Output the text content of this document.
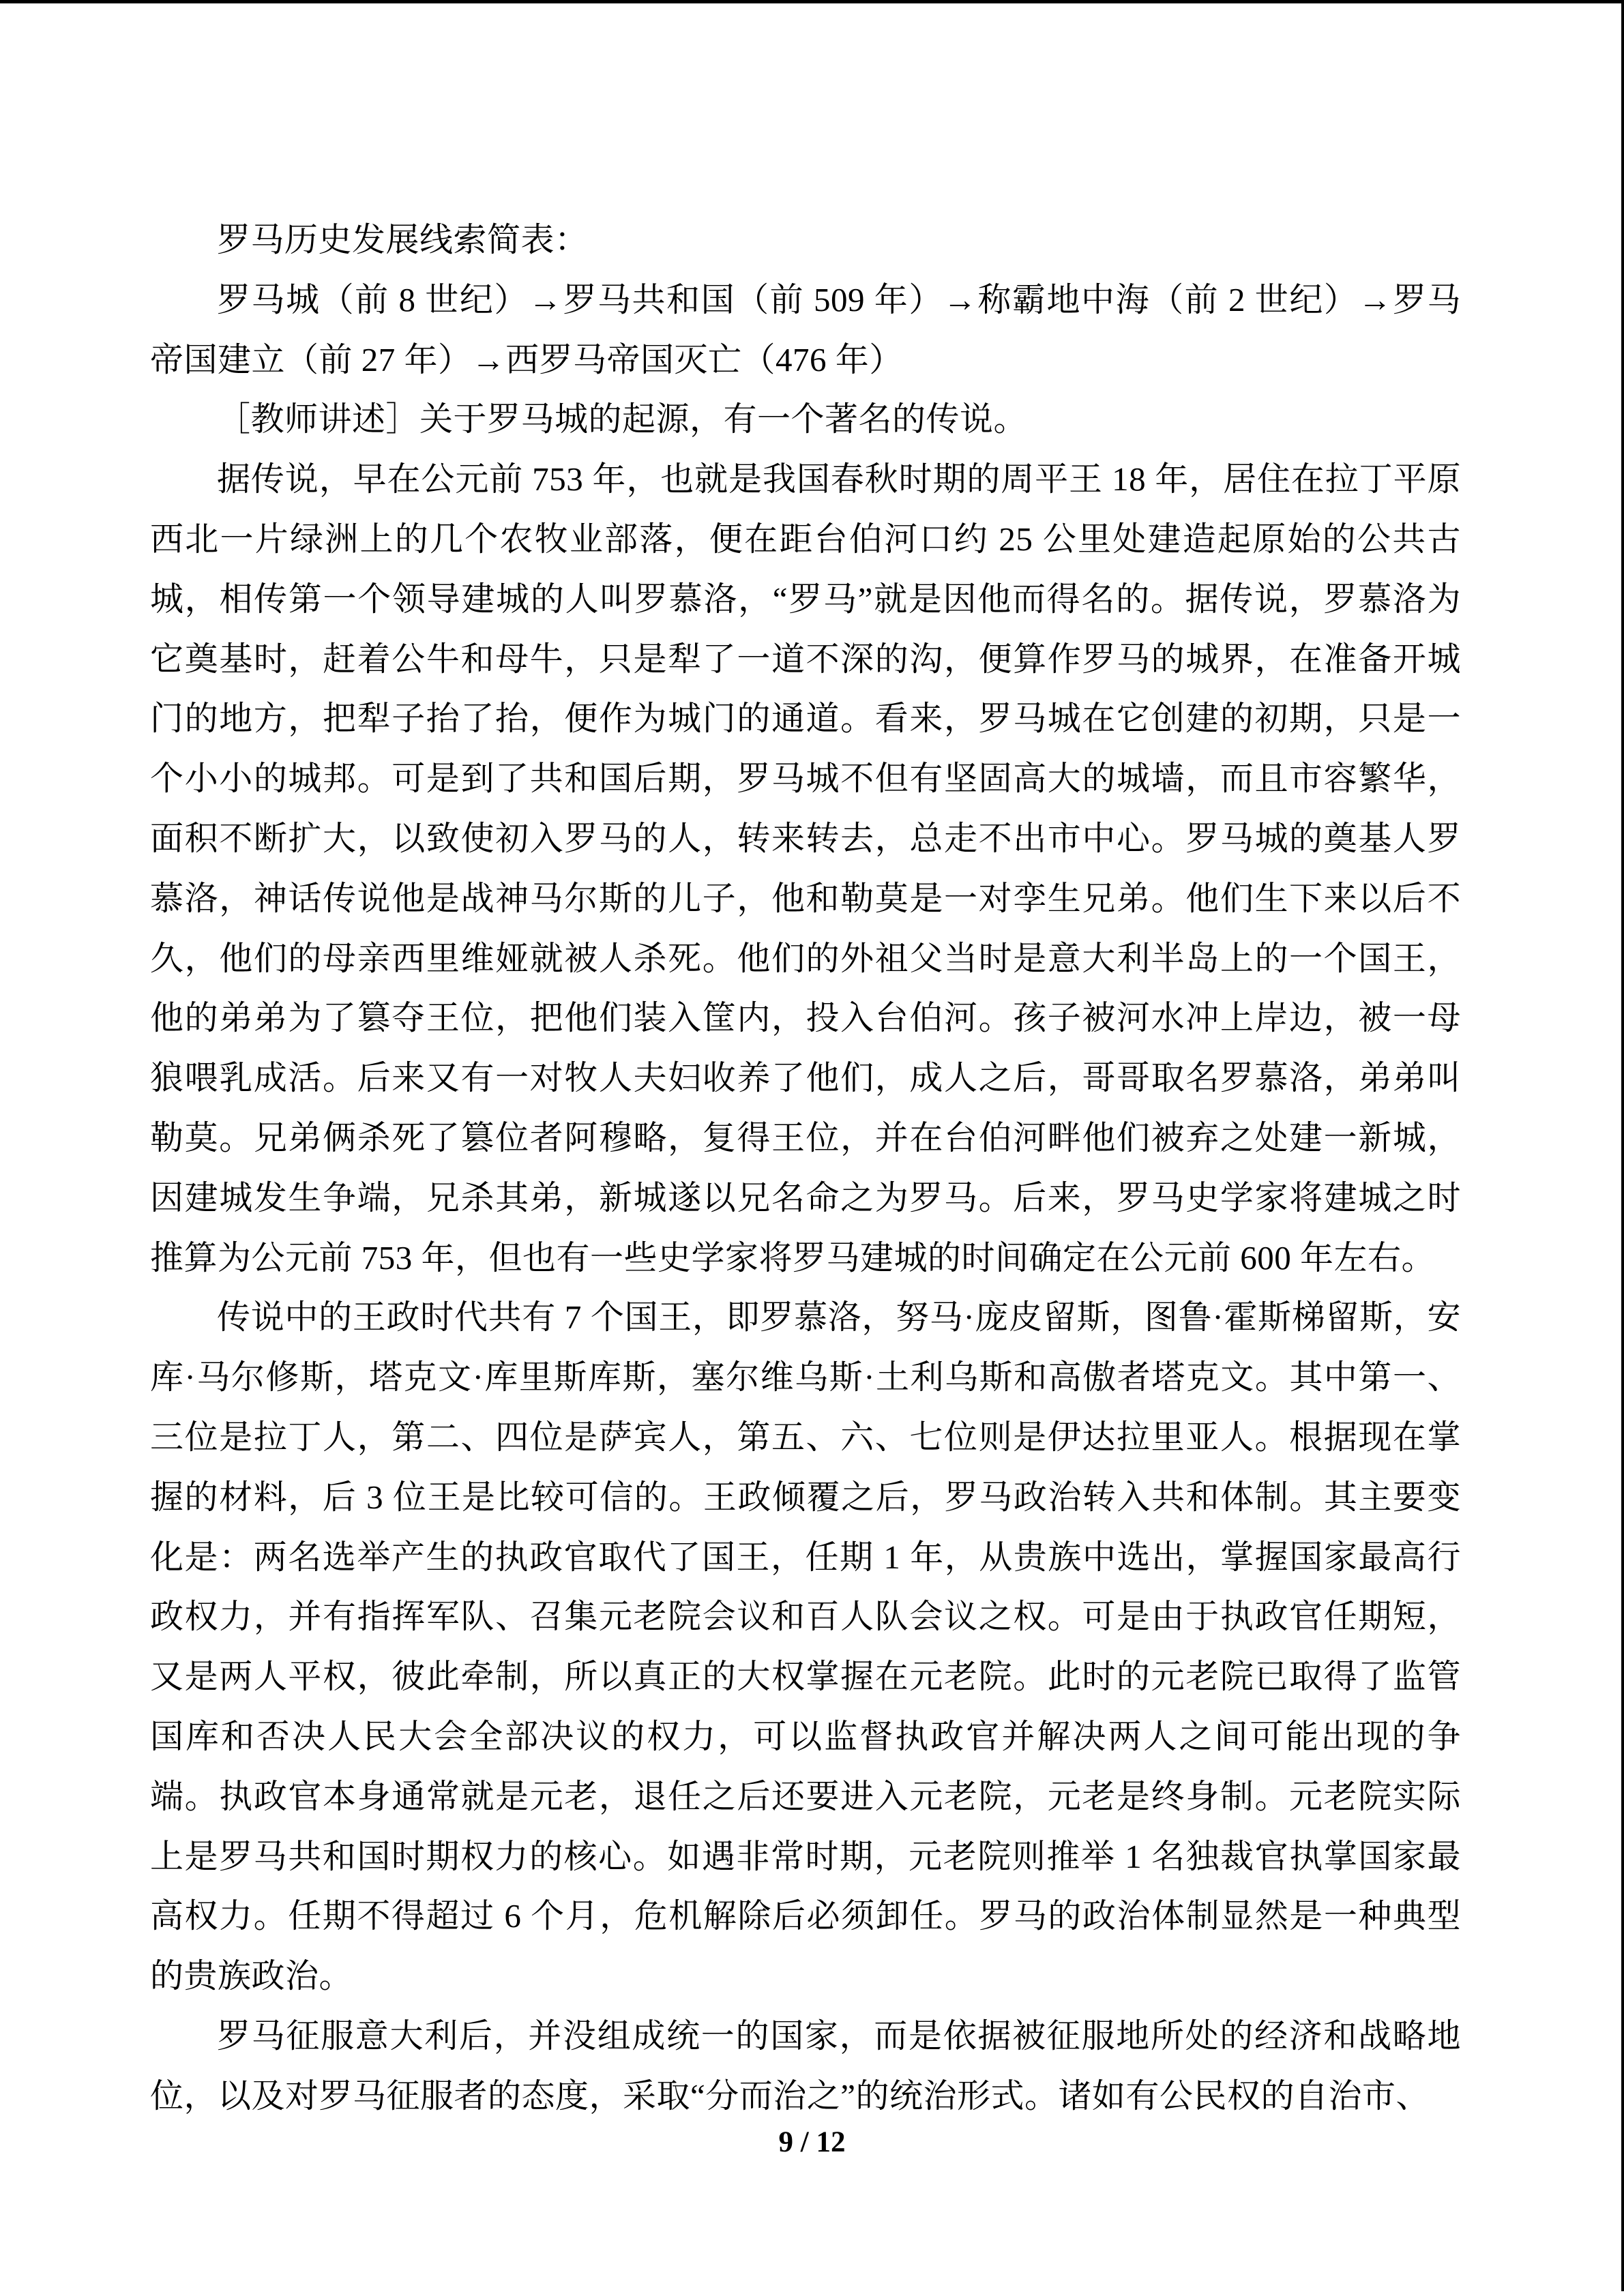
罗马历史发展线索简表：

罗马城（前 8 世纪）→罗马共和国（前 509 年）→称霸地中海（前 2 世纪）→罗马帝国建立（前 27 年）→西罗马帝国灭亡（476 年）

［教师讲述］关于罗马城的起源，有一个著名的传说。

据传说，早在公元前 753 年，也就是我国春秋时期的周平王 18 年，居住在拉丁平原西北一片绿洲上的几个农牧业部落，便在距台伯河口约 25 公里处建造起原始的公共古城，相传第一个领导建城的人叫罗慕洛，“罗马”就是因他而得名的。据传说，罗慕洛为它奠基时，赶着公牛和母牛，只是犁了一道不深的沟，便算作罗马的城界，在准备开城门的地方，把犁子抬了抬，便作为城门的通道。看来，罗马城在它创建的初期，只是一个小小的城邦。可是到了共和国后期，罗马城不但有坚固高大的城墙，而且市容繁华，面积不断扩大，以致使初入罗马的人，转来转去，总走不出市中心。罗马城的奠基人罗慕洛，神话传说他是战神马尔斯的儿子，他和勒莫是一对孪生兄弟。他们生下来以后不久，他们的母亲西里维娅就被人杀死。他们的外祖父当时是意大利半岛上的一个国王，他的弟弟为了篡夺王位，把他们装入筐内，投入台伯河。孩子被河水冲上岸边，被一母狼喂乳成活。后来又有一对牧人夫妇收养了他们，成人之后，哥哥取名罗慕洛，弟弟叫勒莫。兄弟俩杀死了篡位者阿穆略，复得王位，并在台伯河畔他们被弃之处建一新城，因建城发生争端，兄杀其弟，新城遂以兄名命之为罗马。后来，罗马史学家将建城之时推算为公元前 753 年，但也有一些史学家将罗马建城的时间确定在公元前 600 年左右。

传说中的王政时代共有 7 个国王，即罗慕洛，努马·庞皮留斯，图鲁·霍斯梯留斯，安库·马尔修斯，塔克文·库里斯库斯，塞尔维乌斯·土利乌斯和高傲者塔克文。其中第一、三位是拉丁人，第二、四位是萨宾人，第五、六、七位则是伊达拉里亚人。根据现在掌握的材料，后 3 位王是比较可信的。王政倾覆之后，罗马政治转入共和体制。其主要变化是：两名选举产生的执政官取代了国王，任期 1 年，从贵族中选出，掌握国家最高行政权力，并有指挥军队、召集元老院会议和百人队会议之权。可是由于执政官任期短，又是两人平权，彼此牵制，所以真正的大权掌握在元老院。此时的元老院已取得了监管国库和否决人民大会全部决议的权力，可以监督执政官并解决两人之间可能出现的争端。执政官本身通常就是元老，退任之后还要进入元老院，元老是终身制。元老院实际上是罗马共和国时期权力的核心。如遇非常时期，元老院则推举 1 名独裁官执掌国家最高权力。任期不得超过 6 个月，危机解除后必须卸任。罗马的政治体制显然是一种典型的贵族政治。

罗马征服意大利后，并没组成统一的国家，而是依据被征服地所处的经济和战略地位，以及对罗马征服者的态度，采取“分而治之”的统治形式。诸如有公民权的自治市、

9 / 12
